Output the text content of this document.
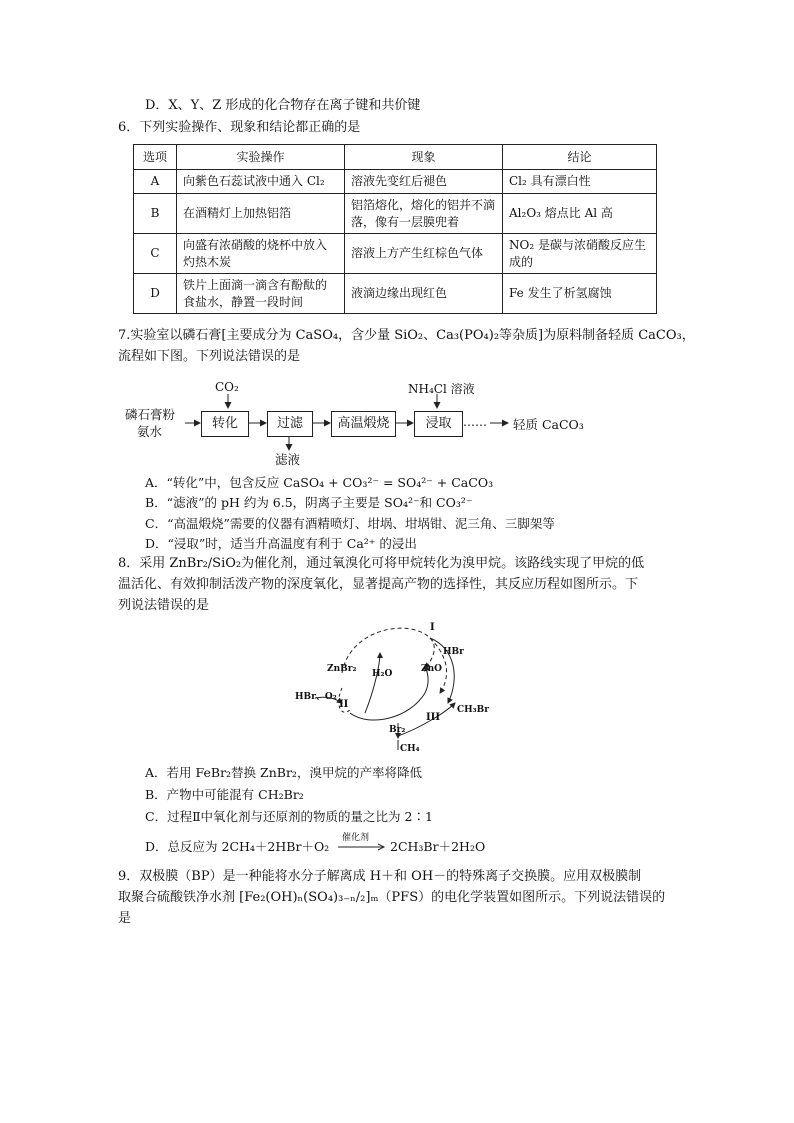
D．X、Y、Z 形成的化合物存在离子键和共价键
6．下列实验操作、现象和结论都正确的是
选项	实验操作	现象	结论
A	向紫色石蕊试液中通入 Cl₂	溶液先变红后褪色	Cl₂ 具有漂白性
B	在酒精灯上加热铝箔	铝箔熔化，熔化的铝并不滴落，像有一层膜兜着	Al₂O₃ 熔点比 Al 高
C	向盛有浓硝酸的烧杯中放入灼热木炭	溶液上方产生红棕色气体	NO₂ 是碳与浓硝酸反应生成的
D	铁片上面滴一滴含有酚酞的食盐水，静置一段时间	液滴边缘出现红色	Fe 发生了析氢腐蚀
7.实验室以磷石膏[主要成分为 CaSO₄，含少量 SiO₂、Ca₃(PO₄)₂等杂质]为原料制备轻质 CaCO₃，
流程如下图。下列说法错误的是
磷石膏粉
氨水
CO₂	NH₄Cl 溶液
转化	过滤	高温煅烧	浸取
滤液
…… 轻质 CaCO₃
A．“转化”中，包含反应 CaSO₄ + CO₃²⁻ = SO₄²⁻ + CaCO₃
B．“滤液”的 pH 约为 6.5，阴离子主要是 SO₄²⁻和 CO₃²⁻
C．“高温煅烧”需要的仪器有酒精喷灯、坩埚、坩埚钳、泥三角、三脚架等
D．“浸取”时，适当升高温度有利于 Ca²⁺ 的浸出
8．采用 ZnBr₂/SiO₂为催化剂，通过氧溴化可将甲烷转化为溴甲烷。该路线实现了甲烷的低
温活化、有效抑制活泼产物的深度氧化，显著提高产物的选择性，其反应历程如图所示。下
列说法错误的是
ZnBr₂ H₂O	ZnO
HBr
HBr、O₂
CH₃Br
Br₂
CH₄
I
II
III
A．若用 FeBr₂替换 ZnBr₂，溴甲烷的产率将降低
B．产物中可能混有 CH₂Br₂
C．过程Ⅱ中氧化剂与还原剂的物质的量之比为 2∶1
D．总反应为 2CH₄＋2HBr＋O₂
催化剂
→ 2CH₃Br＋2H₂O
9．双极膜（BP）是一种能将水分子解离成 H＋和 OH－的特殊离子交换膜。应用双极膜制
取聚合硫酸铁净水剂 [Fe₂(OH)ₙ(SO₄)₃₋ₙ/₂]ₘ（PFS）的电化学装置如图所示。下列说法错误的
是
